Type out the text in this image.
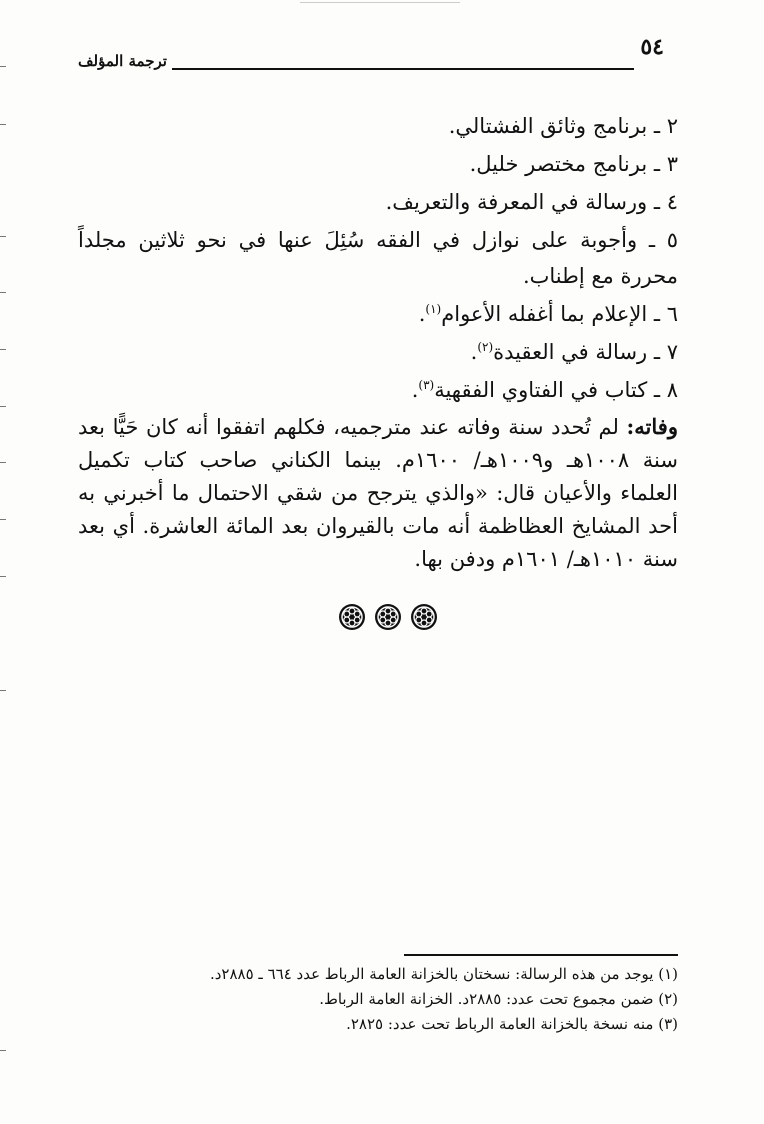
٥٤
ترجمة المؤلف
٢ ـ برنامج وثائق الفشتالي.
٣ ـ برنامج مختصر خليل.
٤ ـ ورسالة في المعرفة والتعريف.
٥ ـ وأجوبة على نوازل في الفقه سُئِلَ عنها في نحو ثلاثين مجلداً محررة مع إطناب.
٦ ـ الإعلام بما أغفله الأعوام$^{(١)}$.
٧ ـ رسالة في العقيدة$^{(٢)}$.
٨ ـ كتاب في الفتاوي الفقهية$^{(٣)}$.
وفاته: لم تُحدد سنة وفاته عند مترجميه، فكلهم اتفقوا أنه كان حَيًّا بعد سنة ١٠٠٨هـ و١٠٠٩هـ/ ١٦٠٠م. بينما الكناني صاحب كتاب تكميل العلماء والأعيان قال: «والذي يترجح من شقي الاحتمال ما أخبرني به أحد المشايخ العظاظمة أنه مات بالقيروان بعد المائة العاشرة. أي بعد سنة ١٠١٠هـ/ ١٦٠١م ودفن بها.
(١) يوجد من هذه الرسالة: نسختان بالخزانة العامة الرباط عدد ٦٦٤ ـ ٢٨٨٥د.
(٢) ضمن مجموع تحت عدد: ٢٨٨٥د. الخزانة العامة الرباط.
(٣) منه نسخة بالخزانة العامة الرباط تحت عدد: ٢٨٢٥.
